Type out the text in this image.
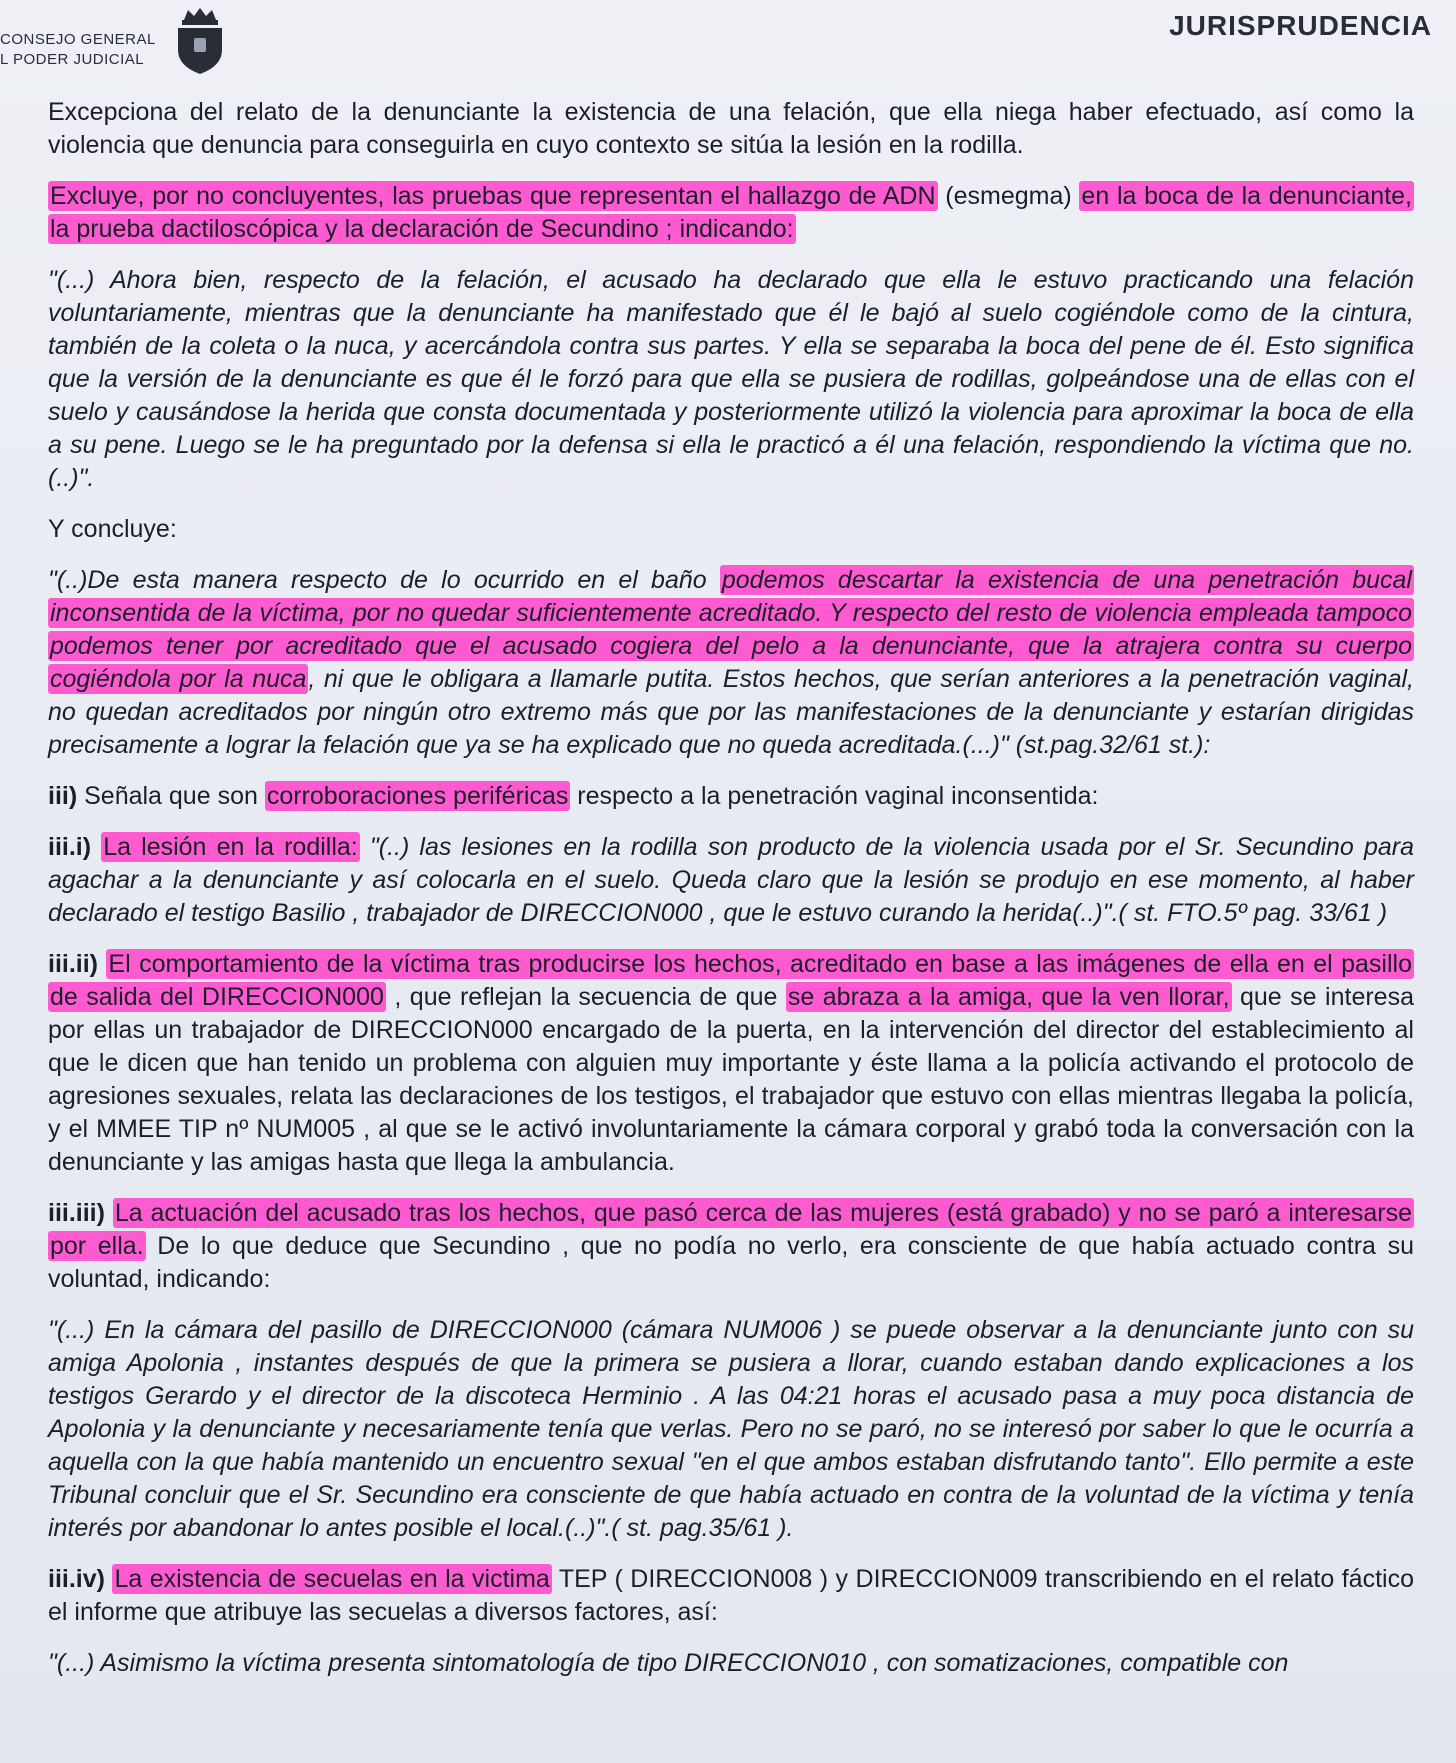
CONSEJO GENERAL
L PODER JUDICIAL
JURISPRUDENCIA

Excepciona del relato de la denunciante la existencia de una felación, que ella niega haber efectuado, así como la violencia que denuncia para conseguirla en cuyo contexto se sitúa la lesión en la rodilla.

Excluye, por no concluyentes, las pruebas que representan el hallazgo de ADN (esmegma) en la boca de la denunciante, la prueba dactiloscópica y la declaración de Secundino ; indicando:

"(...) Ahora bien, respecto de la felación, el acusado ha declarado que ella le estuvo practicando una felación voluntariamente, mientras que la denunciante ha manifestado que él le bajó al suelo cogiéndole como de la cintura, también de la coleta o la nuca, y acercándola contra sus partes. Y ella se separaba la boca del pene de él. Esto significa que la versión de la denunciante es que él le forzó para que ella se pusiera de rodillas, golpeándose una de ellas con el suelo y causándose la herida que consta documentada y posteriormente utilizó la violencia para aproximar la boca de ella a su pene. Luego se le ha preguntado por la defensa si ella le practicó a él una felación, respondiendo la víctima que no. (..)".

Y concluye:

"(..)De esta manera respecto de lo ocurrido en el baño podemos descartar la existencia de una penetración bucal inconsentida de la víctima, por no quedar suficientemente acreditado. Y respecto del resto de violencia empleada tampoco podemos tener por acreditado que el acusado cogiera del pelo a la denunciante, que la atrajera contra su cuerpo cogiéndola por la nuca, ni que le obligara a llamarle putita. Estos hechos, que serían anteriores a la penetración vaginal, no quedan acreditados por ningún otro extremo más que por las manifestaciones de la denunciante y estarían dirigidas precisamente a lograr la felación que ya se ha explicado que no queda acreditada.(...)" (st.pag.32/61 st.):

iii) Señala que son corroboraciones periféricas respecto a la penetración vaginal inconsentida:

iii.i) La lesión en la rodilla: "(..) las lesiones en la rodilla son producto de la violencia usada por el Sr. Secundino para agachar a la denunciante y así colocarla en el suelo. Queda claro que la lesión se produjo en ese momento, al haber declarado el testigo Basilio , trabajador de DIRECCION000 , que le estuvo curando la herida(..)".( st. FTO.5º pag. 33/61 )

iii.ii) El comportamiento de la víctima tras producirse los hechos, acreditado en base a las imágenes de ella en el pasillo de salida del DIRECCION000 , que reflejan la secuencia de que se abraza a la amiga, que la ven llorar, que se interesa por ellas un trabajador de DIRECCION000 encargado de la puerta, en la intervención del director del establecimiento al que le dicen que han tenido un problema con alguien muy importante y éste llama a la policía activando el protocolo de agresiones sexuales, relata las declaraciones de los testigos, el trabajador que estuvo con ellas mientras llegaba la policía, y el MMEE TIP nº NUM005 , al que se le activó involuntariamente la cámara corporal y grabó toda la conversación con la denunciante y las amigas hasta que llega la ambulancia.

iii.iii) La actuación del acusado tras los hechos, que pasó cerca de las mujeres (está grabado) y no se paró a interesarse por ella. De lo que deduce que Secundino , que no podía no verlo, era consciente de que había actuado contra su voluntad, indicando:

"(...) En la cámara del pasillo de DIRECCION000 (cámara NUM006 ) se puede observar a la denunciante junto con su amiga Apolonia , instantes después de que la primera se pusiera a llorar, cuando estaban dando explicaciones a los testigos Gerardo y el director de la discoteca Herminio . A las 04:21 horas el acusado pasa a muy poca distancia de Apolonia y la denunciante y necesariamente tenía que verlas. Pero no se paró, no se interesó por saber lo que le ocurría a aquella con la que había mantenido un encuentro sexual "en el que ambos estaban disfrutando tanto". Ello permite a este Tribunal concluir que el Sr. Secundino era consciente de que había actuado en contra de la voluntad de la víctima y tenía interés por abandonar lo antes posible el local.(..)".( st. pag.35/61 ).

iii.iv) La existencia de secuelas en la victima TEP ( DIRECCION008 ) y DIRECCION009 transcribiendo en el relato fáctico el informe que atribuye las secuelas a diversos factores, así:

"(...) Asimismo la víctima presenta sintomatología de tipo DIRECCION010 , con somatizaciones, compatible con
